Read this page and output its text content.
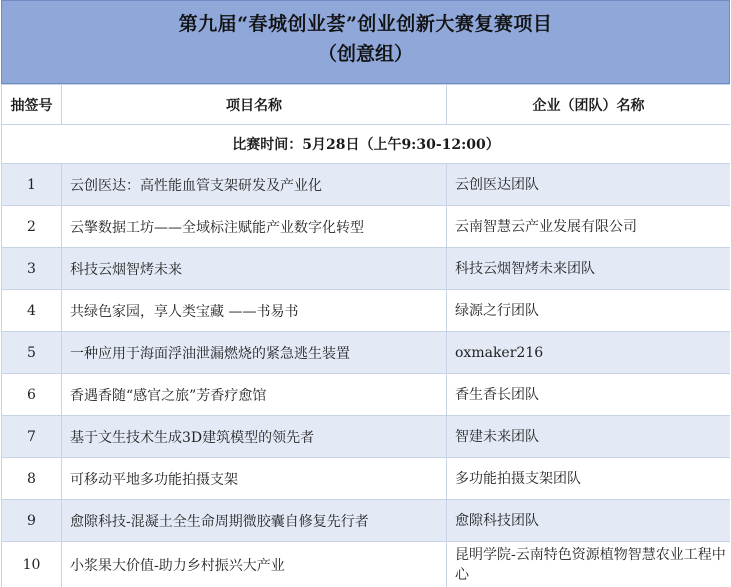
第九届“春城创业荟”创业创新大赛复赛项目
（创意组）
抽签号	项目名称	企业（团队）名称
比赛时间：5月28日（上午9:30-12:00）		
1	云创医达：高性能血管支架研发及产业化	云创医达团队
2	云擎数据工坊——全域标注赋能产业数字化转型	云南智慧云产业发展有限公司
3	科技云烟智烤未来	科技云烟智烤未来团队
4	共绿色家园，享人类宝藏 ——书易书	绿源之行团队
5	一种应用于海面浮油泄漏燃烧的紧急逃生装置	oxmaker216
6	香遇香随“感官之旅”芳香疗愈馆	香生香长团队
7	基于文生技术生成3D建筑模型的领先者	智建未来团队
8	可移动平地多功能拍摄支架	多功能拍摄支架团队
9	愈隙科技-混凝土全生命周期微胶囊自修复先行者	愈隙科技团队
10	小浆果大价值-助力乡村振兴大产业	昆明学院-云南特色资源植物智慧农业工程中心
